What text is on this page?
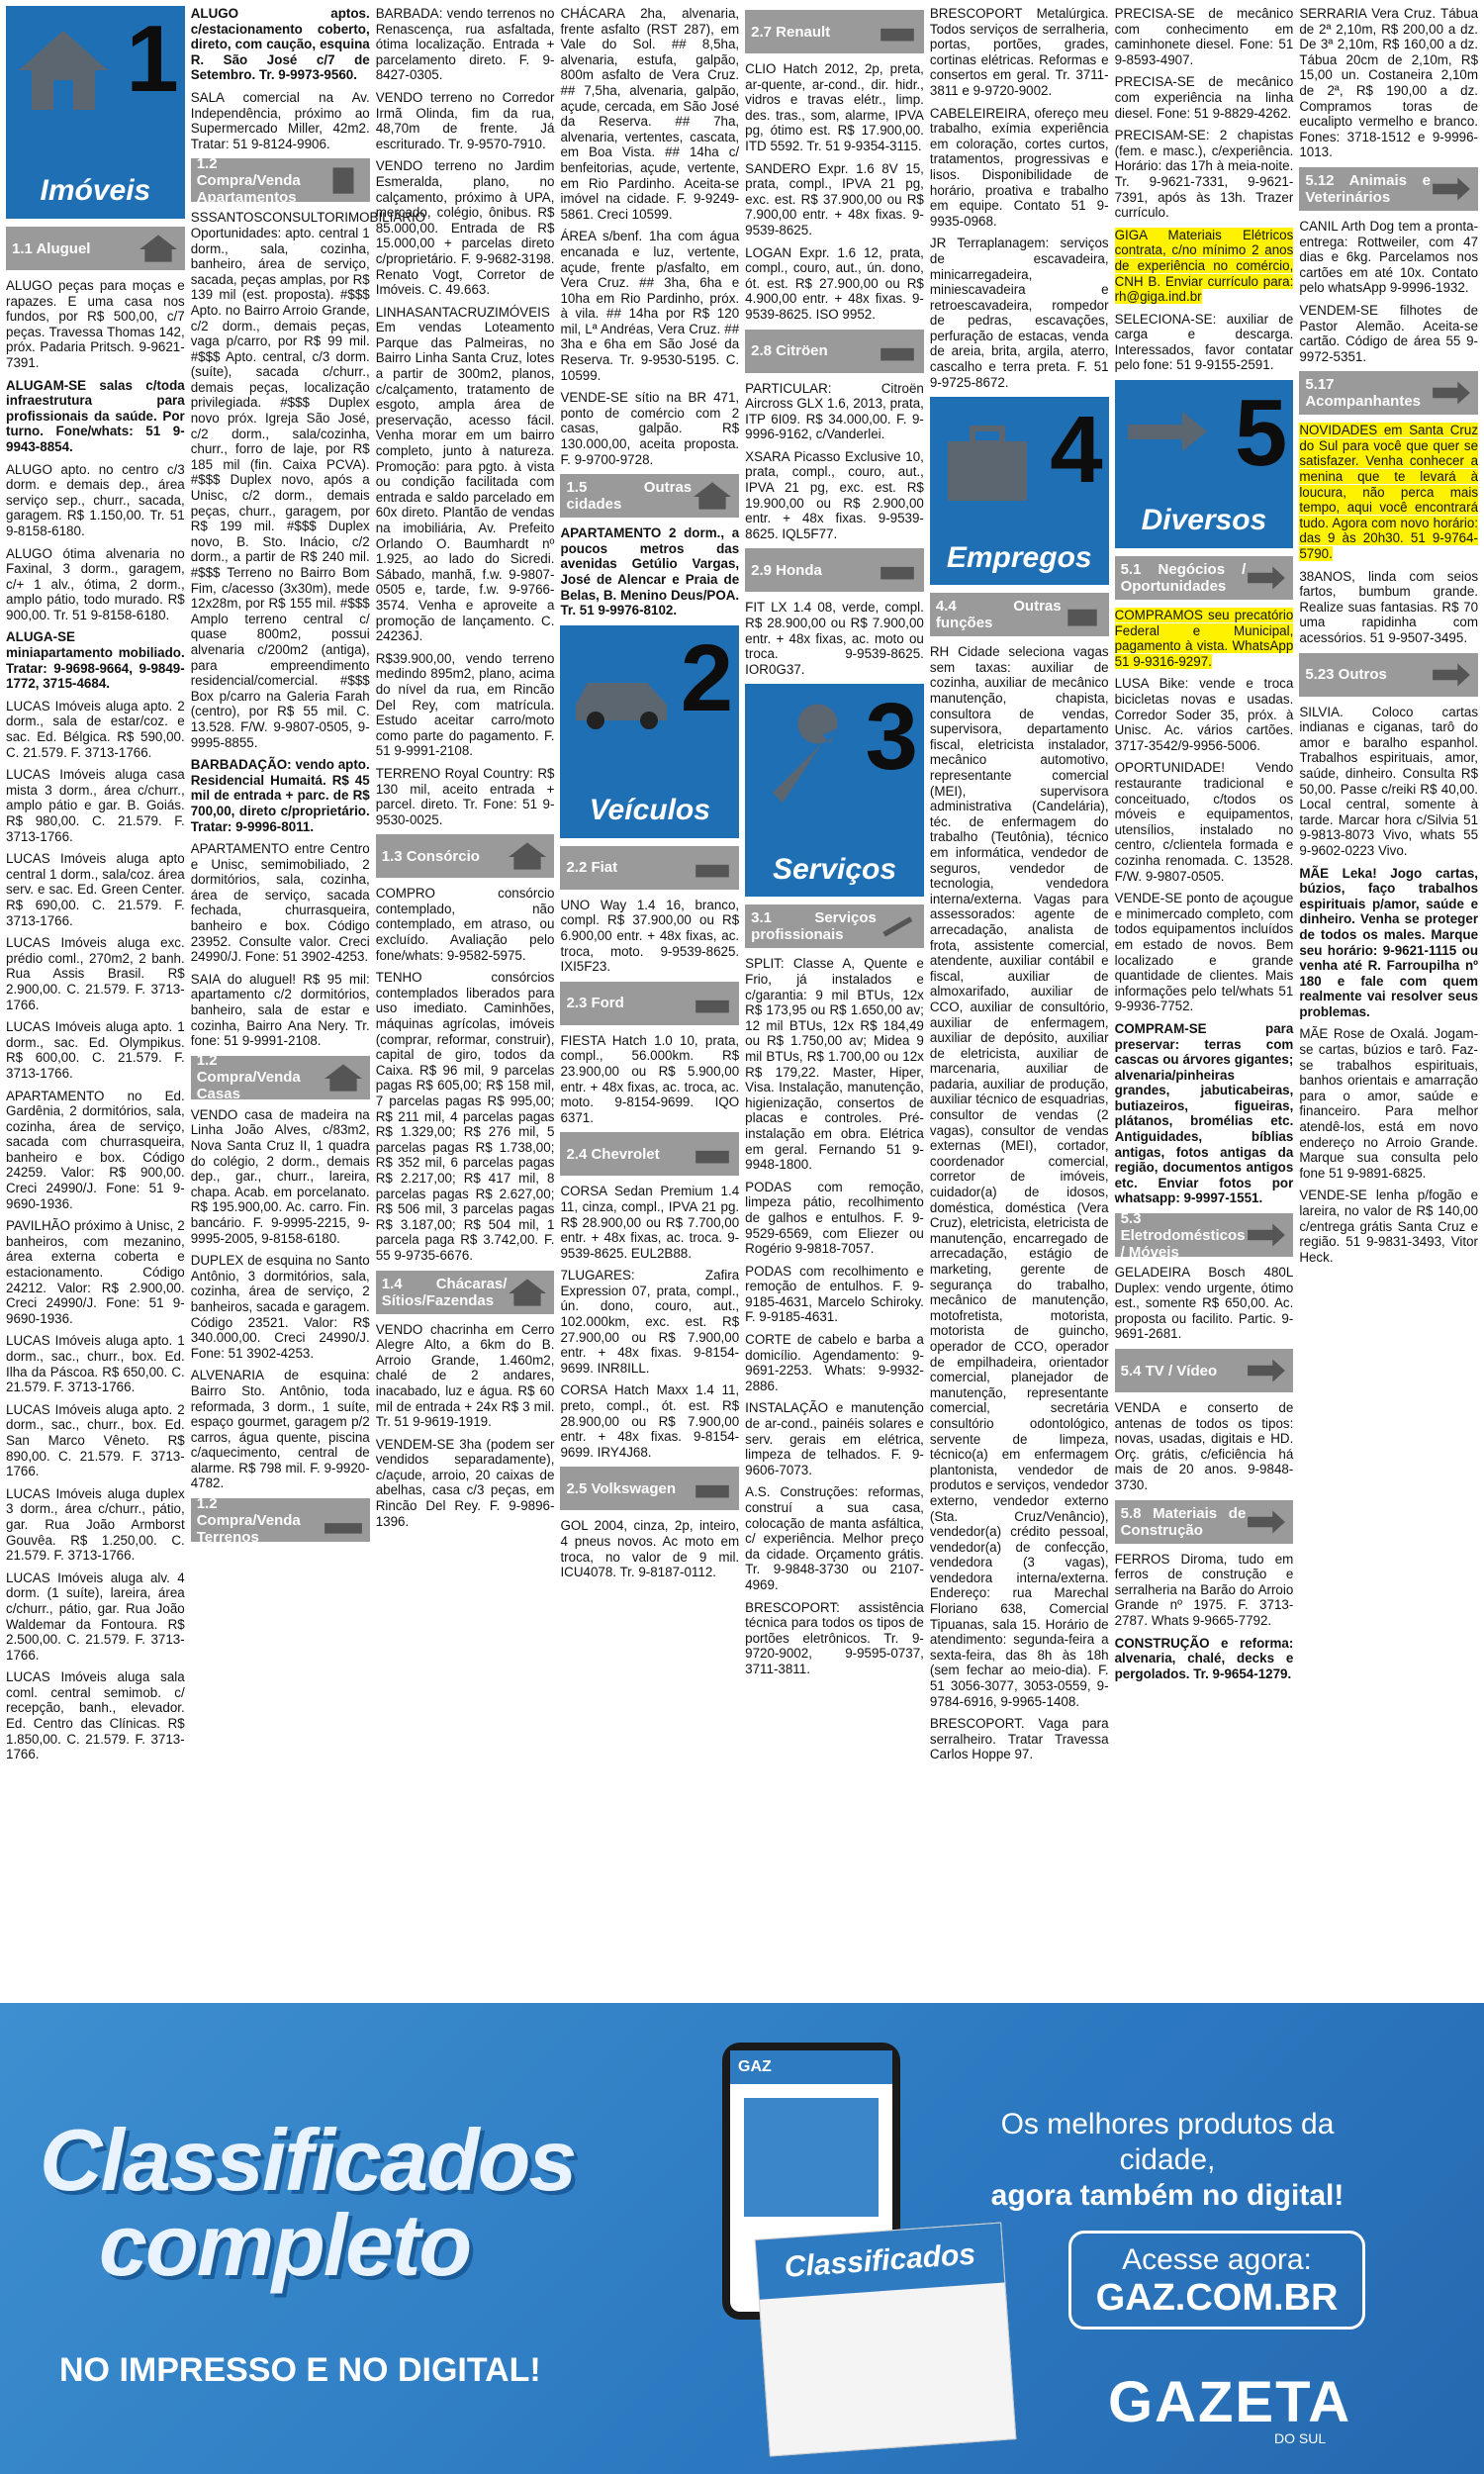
1
Imóveis
1.1 Aluguel

ALUGO peças para moças e rapazes. E uma casa nos fundos, por R$ 500,00, c/7 peças. Travessa Thomas 142, próx. Padaria Pritsch. 9-9621-7391.

ALUGAM-SE salas c/toda infraestrutura para profissionais da saúde. Por turno. Fone/whats: 51 9-9943-8854.

ALUGO apto. no centro c/3 dorm. e demais dep., área serviço sep., churr., sacada, garagem. R$ 1.150,00. Tr. 51 9-8158-6180.

ALUGO ótima alvenaria no Faxinal, 3 dorm., garagem, c/+ 1 alv., ótima, 2 dorm., amplo pátio, todo murado. R$ 900,00. Tr. 51 9-8158-6180.

ALUGA-SE miniapartamento mobiliado. Tratar: 9-9698-9664, 9-9849-1772, 3715-4684.

LUCAS Imóveis aluga apto. 2 dorm., sala de estar/coz. e sac. Ed. Bélgica. R$ 590,00. C. 21.579. F. 3713-1766.

LUCAS Imóveis aluga casa mista 3 dorm., área c/churr., amplo pátio e gar. B. Goiás. R$ 980,00. C. 21.579. F. 3713-1766.

LUCAS Imóveis aluga apto central 1 dorm., sala/coz. área serv. e sac. Ed. Green Center. R$ 690,00. C. 21.579. F. 3713-1766.

LUCAS Imóveis aluga exc. prédio coml., 270m2, 2 banh. Rua Assis Brasil. R$ 2.900,00. C. 21.579. F. 3713-1766.

LUCAS Imóveis aluga apto. 1 dorm., sac. Ed. Olympikus. R$ 600,00. C. 21.579. F. 3713-1766.

APARTAMENTO no Ed. Gardênia, 2 dormitórios, sala, cozinha, área de serviço, sacada com churrasqueira, banheiro e box. Código 24259. Valor: R$ 900,00. Creci 24990/J. Fone: 51 9-9690-1936.

PAVILHÃO próximo à Unisc, 2 banheiros, com mezanino, área externa coberta e estacionamento. Código 24212. Valor: R$ 2.900,00. Creci 24990/J. Fone: 51 9-9690-1936.

LUCAS Imóveis aluga apto. 1 dorm., sac., churr., box. Ed. Ilha da Páscoa. R$ 650,00. C. 21.579. F. 3713-1766.

LUCAS Imóveis aluga apto. 2 dorm., sac., churr., box. Ed. San Marco Vêneto. R$ 890,00. C. 21.579. F. 3713-1766.

LUCAS Imóveis aluga duplex 3 dorm., área c/churr., pátio, gar. Rua João Armborst Gouvêa. R$ 1.250,00. C. 21.579. F. 3713-1766.

LUCAS Imóveis aluga alv. 4 dorm. (1 suíte), lareira, área c/churr., pátio, gar. Rua João Waldemar da Fontoura. R$ 2.500,00. C. 21.579. F. 3713-1766.

LUCAS Imóveis aluga sala coml. central semimob. c/ recepção, banh., elevador. Ed. Centro das Clínicas. R$ 1.850,00. C. 21.579. F. 3713-1766.

ALUGO aptos. c/estacionamento coberto, direto, com caução, esquina R. São José c/7 de Setembro. Tr. 9-9973-9560.

SALA comercial na Av. Independência, próximo ao Supermercado Miller, 42m2. Tratar: 51 9-8124-9906.

1.2 Compra/Venda Apartamentos

SSSANTOSCONSULTORIMOBILIÁRIO Oportunidades: apto. central 1 dorm., sala, cozinha, banheiro, área de serviço, sacada, peças amplas, por R$ 139 mil (est. proposta). #$$$ Apto. no Bairro Arroio Grande, c/2 dorm., demais peças, vaga p/carro, por R$ 99 mil. #$$$ Apto. central, c/3 dorm. (suíte), sacada c/churr., demais peças, localização privilegiada. #$$$ Duplex novo próx. Igreja São José, c/2 dorm., sala/cozinha, churr., forro de laje, por R$ 185 mil (fin. Caixa PCVA). #$$$ Duplex novo, após a Unisc, c/2 dorm., demais peças, churr., garagem, por R$ 199 mil. #$$$ Duplex novo, B. Sto. Inácio, c/2 dorm., a partir de R$ 240 mil. #$$$ Terreno no Bairro Bom Fim, c/acesso (3x30m), mede 12x28m, por R$ 155 mil. #$$$ Amplo terreno central c/ quase 800m2, possui alvenaria c/200m2 (antiga), para empreendimento residencial/comercial. #$$$ Box p/carro na Galeria Farah (centro), por R$ 55 mil. C. 13.528. F/W. 9-9807-0505, 9-9995-8855.

BARBADAÇÃO: vendo apto. Residencial Humaitá. R$ 45 mil de entrada + parc. de R$ 700,00, direto c/proprietário. Tratar: 9-9996-8011.

APARTAMENTO entre Centro e Unisc, semimobiliado, 2 dormitórios, sala, cozinha, área de serviço, sacada fechada, churrasqueira, banheiro e box. Código 23952. Consulte valor. Creci 24990/J. Fone: 51 3902-4253.

SAIA do aluguel! R$ 95 mil: apartamento c/2 dormitórios, banheiro, sala de estar e cozinha, Bairro Ana Nery. Tr. fone: 51 9-9991-2108.

1.2 Compra/Venda Casas

VENDO casa de madeira na Linha João Alves, c/83m2, Nova Santa Cruz II, 1 quadra do colégio, 2 dorm., demais dep., gar., churr., lareira, chapa. Acab. em porcelanato. R$ 195.900,00. Ac. carro. Fin. bancário. F. 9-9995-2215, 9-9995-2005, 9-8158-6180.

DUPLEX de esquina no Santo Antônio, 3 dormitórios, sala, cozinha, área de serviço, 2 banheiros, sacada e garagem. Código 23521. Valor: R$ 340.000,00. Creci 24990/J. Fone: 51 3902-4253.

ALVENARIA de esquina: Bairro Sto. Antônio, toda reformada, 3 dorm., 1 suíte, espaço gourmet, garagem p/2 carros, água quente, piscina c/aquecimento, central de alarme. R$ 798 mil. F. 9-9920-4782.

1.2 Compra/Venda Terrenos

BARBADA: vendo terrenos no Renascença, rua asfaltada, ótima localização. Entrada + parcelamento direto. F. 9-8427-0305.

VENDO terreno no Corredor Irmã Olinda, fim da rua, 48,70m de frente. Já escriturado. Tr. 9-9570-7910.

VENDO terreno no Jardim Esmeralda, plano, no calçamento, próximo à UPA, mercado, colégio, ônibus. R$ 85.000,00. Entrada de R$ 15.000,00 + parcelas direto c/proprietário. F. 9-9682-3198. Renato Vogt, Corretor de Imóveis. C. 49.663.

LINHASANTACRUZIMÓVEIS Em vendas Loteamento Parque das Palmeiras, no Bairro Linha Santa Cruz, lotes a partir de 300m2, planos, c/calçamento, tratamento de esgoto, ampla área de preservação, acesso fácil. Venha morar em um bairro completo, junto à natureza. Promoção: para pgto. à vista ou condição facilitada com entrada e saldo parcelado em 60x direto. Plantão de vendas na imobiliária, Av. Prefeito Orlando O. Baumhardt nº 1.925, ao lado do Sicredi. Sábado, manhã, f.w. 9-9807-0505 e, tarde, f.w. 9-9766-3574. Venha e aproveite a promoção de lançamento. C. 24236J.

R$39.900,00, vendo terreno medindo 895m2, plano, acima do nível da rua, em Rincão Del Rey, com matrícula. Estudo aceitar carro/moto como parte do pagamento. F. 51 9-9991-2108.

TERRENO Royal Country: R$ 130 mil, aceito entrada + parcel. direto. Tr. Fone: 51 9-9530-0025.

1.3 Consórcio

COMPRO consórcio contemplado, não contemplado, em atraso, ou excluído. Avaliação pelo fone/whats: 9-9582-5975.

TENHO consórcios contemplados liberados para uso imediato. Caminhões, máquinas agrícolas, imóveis (comprar, reformar, construir), capital de giro, todos da Caixa. R$ 96 mil, 9 parcelas pagas R$ 605,00; R$ 158 mil, 7 parcelas pagas R$ 995,00; R$ 211 mil, 4 parcelas pagas R$ 1.329,00; R$ 276 mil, 5 parcelas pagas R$ 1.738,00; R$ 352 mil, 6 parcelas pagas R$ 2.217,00; R$ 417 mil, 8 parcelas pagas R$ 2.627,00; R$ 506 mil, 3 parcelas pagas R$ 3.187,00; R$ 504 mil, 1 parcela paga R$ 3.742,00. F. 55 9-9735-6676.

1.4 Chácaras/ Sítios/Fazendas

VENDO chacrinha em Cerro Alegre Alto, a 6km do B. Arroio Grande, 1.460m2, chalé de 2 andares, inacabado, luz e água. R$ 60 mil de entrada + 24x R$ 3 mil. Tr. 51 9-9619-1919.

VENDEM-SE 3ha (podem ser vendidos separadamente), c/açude, arroio, 20 caixas de abelhas, casa c/3 peças, em Rincão Del Rey. F. 9-9896-1396.

CHÁCARA 2ha, alvenaria, frente asfalto (RST 287), em Vale do Sol. ## 8,5ha, alvenaria, estufa, galpão, 800m asfalto de Vera Cruz. ## 7,5ha, alvenaria, galpão, açude, cercada, em São José da Reserva. ## 7ha, alvenaria, vertentes, cascata, em Boa Vista. ## 14ha c/ benfeitorias, açude, vertente, em Rio Pardinho. Aceita-se imóvel na cidade. F. 9-9249-5861. Creci 10599.

ÁREA s/benf. 1ha com água encanada e luz, vertente, açude, frente p/asfalto, em Vera Cruz. ## 3ha, 6ha e 10ha em Rio Pardinho, próx. à vila. ## 14ha por R$ 120 mil, Lª Andréas, Vera Cruz. ## 3ha e 6ha em São José da Reserva. Tr. 9-9530-5195. C. 10599.

VENDE-SE sítio na BR 471, ponto de comércio com 2 casas, galpão. R$ 130.000,00, aceita proposta. F. 9-9700-9728.

1.5 Outras cidades

APARTAMENTO 2 dorm., a poucos metros das avenidas Getúlio Vargas, José de Alencar e Praia de Belas, B. Menino Deus/POA. Tr. 51 9-9976-8102.

2
Veículos
2.2 Fiat

UNO Way 1.4 16, branco, compl. R$ 37.900,00 ou R$ 6.900,00 entr. + 48x fixas, ac. troca, moto. 9-9539-8625. IXI5F23.

2.3 Ford

FIESTA Hatch 1.0 10, prata, compl., 56.000km. R$ 23.900,00 ou R$ 5.900,00 entr. + 48x fixas, ac. troca, ac. moto. 9-8154-9699. IQO 6371.

2.4 Chevrolet

CORSA Sedan Premium 1.4 11, cinza, compl., IPVA 21 pg. R$ 28.900,00 ou R$ 7.700,00 entr. + 48x fixas, ac. troca. 9-9539-8625. EUL2B88.

7LUGARES: Zafira Expression 07, prata, compl., ún. dono, couro, aut., 102.000km, exc. est. R$ 27.900,00 ou R$ 7.900,00 entr. + 48x fixas. 9-8154-9699. INR8ILL.

CORSA Hatch Maxx 1.4 11, preto, compl., ót. est. R$ 28.900,00 ou R$ 7.900,00 entr. + 48x fixas. 9-8154-9699. IRY4J68.

2.5 Volkswagen

GOL 2004, cinza, 2p, inteiro, 4 pneus novos. Ac moto em troca, no valor de 9 mil. ICU4078. Tr. 9-8187-0112.

2.7 Renault

CLIO Hatch 2012, 2p, preta, ar-quente, ar-cond., dir. hidr., vidros e travas elétr., limp. des. tras., som, alarme, IPVA pg, ótimo est. R$ 17.900,00. ITD 5592. Tr. 51 9-9354-3115.

SANDERO Expr. 1.6 8V 15, prata, compl., IPVA 21 pg, exc. est. R$ 37.900,00 ou R$ 7.900,00 entr. + 48x fixas. 9-9539-8625.

LOGAN Expr. 1.6 12, prata, compl., couro, aut., ún. dono, ót. est. R$ 27.900,00 ou R$ 4.900,00 entr. + 48x fixas. 9-9539-8625. ISO 9952.

2.8 Citröen

PARTICULAR: Citroën Aircross GLX 1.6, 2013, prata, ITP 6I09. R$ 34.000,00. F. 9-9996-9162, c/Vanderlei.

XSARA Picasso Exclusive 10, prata, compl., couro, aut., IPVA 21 pg, exc. est. R$ 19.900,00 ou R$ 2.900,00 entr. + 48x fixas. 9-9539-8625. IQL5F77.

2.9 Honda

FIT LX 1.4 08, verde, compl. R$ 28.900,00 ou R$ 7.900,00 entr. + 48x fixas, ac. moto ou troca. 9-9539-8625. IOR0G37.

3
Serviços
3.1 Serviços profissionais

SPLIT: Classe A, Quente e Frio, já instalados e c/garantia: 9 mil BTUs, 12x R$ 173,95 ou R$ 1.650,00 av; 12 mil BTUs, 12x R$ 184,49 ou R$ 1.750,00 av; Midea 9 mil BTUs, R$ 1.700,00 ou 12x R$ 179,22. Master, Hiper, Visa. Instalação, manutenção, higienização, consertos de placas e controles. Pré-instalação em obra. Elétrica em geral. Fernando 51 9-9948-1800.

PODAS com remoção, limpeza pátio, recolhimento de galhos e entulhos. F. 9-9529-6569, com Eliezer ou Rogério 9-9818-7057.

PODAS com recolhimento e remoção de entulhos. F. 9-9185-4631, Marcelo Schiroky. F. 9-9185-4631.

CORTE de cabelo e barba a domicílio. Agendamento: 9-9691-2253. Whats: 9-9932-2886.

INSTALAÇÃO e manutenção de ar-cond., painéis solares e serv. gerais em elétrica, limpeza de telhados. F. 9-9606-7073.

A.S. Construções: reformas, construí a sua casa, colocação de manta asfáltica, c/ experiência. Melhor preço da cidade. Orçamento grátis. Tr. 9-9848-3730 ou 2107-4969.

BRESCOPORT: assistência técnica para todos os tipos de portões eletrônicos. Tr. 9-9720-9002, 9-9595-0737, 3711-3811.

BRESCOPORT Metalúrgica. Todos serviços de serralheria, portas, portões, grades, cortinas elétricas. Reformas e consertos em geral. Tr. 3711-3811 e 9-9720-9002.

CABELEIREIRA, ofereço meu trabalho, exímia experiência em coloração, cortes curtos, tratamentos, progressivas e lisos. Disponibilidade de horário, proativa e trabalho em equipe. Contato 51 9-9935-0968.

JR Terraplanagem: serviços de escavadeira, minicarregadeira, miniescavadeira e retroescavadeira, rompedor de pedras, escavações, perfuração de estacas, venda de areia, brita, argila, aterro, cascalho e terra preta. F. 51 9-9725-8672.

4
Empregos
4.4 Outras funções

RH Cidade seleciona vagas sem taxas: auxiliar de cozinha, auxiliar de mecânico manutenção, chapista, consultora de vendas, supervisora, departamento fiscal, eletricista instalador, mecânico automotivo, representante comercial (MEI), supervisora administrativa (Candelária), téc. de enfermagem do trabalho (Teutônia), técnico em informática, vendedor de seguros, vendedor de tecnologia, vendedora interna/externa. Vagas para assessorados: agente de arrecadação, analista de frota, assistente comercial, atendente, auxiliar contábil e fiscal, auxiliar de almoxarifado, auxiliar de CCO, auxiliar de consultório, auxiliar de enfermagem, auxiliar de depósito, auxiliar de eletricista, auxiliar de marcenaria, auxiliar de padaria, auxiliar de produção, auxiliar técnico de esquadrias, consultor de vendas (2 vagas), consultor de vendas externas (MEI), cortador, coordenador comercial, corretor de imóveis, cuidador(a) de idosos, doméstica, doméstica (Vera Cruz), eletricista, eletricista de manutenção, encarregado de arrecadação, estágio de marketing, gerente de segurança do trabalho, mecânico de manutenção, motofretista, motorista, motorista de guincho, operador de CCO, operador de empilhadeira, orientador comercial, planejador de manutenção, representante comercial, secretária consultório odontológico, servente de limpeza, técnico(a) em enfermagem plantonista, vendedor de produtos e serviços, vendedor externo, vendedor externo (Sta. Cruz/Venâncio), vendedor(a) crédito pessoal, vendedor(a) de confecção, vendedora (3 vagas), vendedora interna/externa. Endereço: rua Marechal Floriano 638, Comercial Tipuanas, sala 15. Horário de atendimento: segunda-feira a sexta-feira, das 8h às 18h (sem fechar ao meio-dia). F. 51 3056-3077, 3053-0559, 9-9784-6916, 9-9965-1408.

BRESCOPORT. Vaga para serralheiro. Tratar Travessa Carlos Hoppe 97.

PRECISA-SE de mecânico com conhecimento em caminhonete diesel. Fone: 51 9-8593-4907.

PRECISA-SE de mecânico com experiência na linha diesel. Fone: 51 9-8829-4262.

PRECISAM-SE: 2 chapistas (fem. e masc.), c/experiência. Horário: das 17h à meia-noite. Tr. 9-9621-7331, 9-9621-7391, após às 13h. Trazer currículo.

GIGA Materiais Elétricos contrata, c/no mínimo 2 anos de experiência no comércio, CNH B. Enviar currículo para: rh@giga.ind.br

SELECIONA-SE: auxiliar de carga e descarga. Interessados, favor contatar pelo fone: 51 9-9155-2591.

5
Diversos
5.1 Negócios / Oportunidades

COMPRAMOS seu precatório Federal e Municipal, pagamento à vista. WhatsApp 51 9-9316-9297.

LUSA Bike: vende e troca bicicletas novas e usadas. Corredor Soder 35, próx. à Unisc. Ac. vários cartões. 3717-3542/9-9956-5006.

OPORTUNIDADE! Vendo restaurante tradicional e conceituado, c/todos os móveis e equipamentos, utensílios, instalado no centro, c/clientela formada e cozinha renomada. C. 13528. F/W. 9-9807-0505.

VENDE-SE ponto de açougue e minimercado completo, com todos equipamentos incluídos em estado de novos. Bem localizado e grande quantidade de clientes. Mais informações pelo tel/whats 51 9-9936-7752.

COMPRAM-SE para preservar: terras com cascas ou árvores gigantes; alvenaria/pinheiras grandes, jabuticabeiras, butiazeiros, figueiras, plátanos, bromélias etc. Antiguidades, bíblias antigas, fotos antigas da região, documentos antigos etc. Enviar fotos por whatsapp: 9-9997-1551.

5.3 Eletrodomésticos / Móveis

GELADEIRA Bosch 480L Duplex: vendo urgente, ótimo est., somente R$ 650,00. Ac. proposta ou facilito. Partic. 9-9691-2681.

5.4 TV / Vídeo

VENDA e conserto de antenas de todos os tipos: novas, usadas, digitais e HD. Orç. grátis, c/eficiência há mais de 20 anos. 9-9848-3730.

5.8 Materiais de Construção

FERROS Diroma, tudo em ferros de construção e serralheria na Barão do Arroio Grande nº 1975. F. 3713-2787. Whats 9-9665-7792.

CONSTRUÇÃO e reforma: alvenaria, chalé, decks e pergolados. Tr. 9-9654-1279.

SERRARIA Vera Cruz. Tábua de 2ª 2,10m, R$ 200,00 a dz. De 3ª 2,10m, R$ 160,00 a dz. Tábua 20cm de 2,10m, R$ 15,00 un. Costaneira 2,10m de 2ª, R$ 190,00 a dz. Compramos toras de eucalipto vermelho e branco. Fones: 3718-1512 e 9-9996-1013.

5.12 Animais e Veterinários

CANIL Arth Dog tem a pronta-entrega: Rottweiler, com 47 dias e 6kg. Parcelamos nos cartões em até 10x. Contato pelo whatsApp 9-9996-1932.

VENDEM-SE filhotes de Pastor Alemão. Aceita-se cartão. Código de área 55 9-9972-5351.

5.17 Acompanhantes

NOVIDADES em Santa Cruz do Sul para você que quer se satisfazer. Venha conhecer a menina que te levará à loucura, não perca mais tempo, aqui você encontrará tudo. Agora com novo horário: das 9 às 20h30. 51 9-9764-5790.

38ANOS, linda com seios fartos, bumbum grande. Realize suas fantasias. R$ 70 uma rapidinha com acessórios. 51 9-9507-3495.

5.23 Outros

SILVIA. Coloco cartas indianas e ciganas, tarô do amor e baralho espanhol. Trabalhos espirituais, amor, saúde, dinheiro. Consulta R$ 50,00. Passe c/reiki R$ 40,00. Local central, somente à tarde. Marcar hora c/Silvia 51 9-9813-8073 Vivo, whats 55 9-9602-0223 Vivo.

MÃE Leka! Jogo cartas, búzios, faço trabalhos espirituais p/amor, saúde e dinheiro. Venha se proteger de todos os males. Marque seu horário: 9-9621-1115 ou venha até R. Farroupilha nº 180 e fale com quem realmente vai resolver seus problemas.

MÃE Rose de Oxalá. Jogam-se cartas, búzios e tarô. Faz-se trabalhos espirituais, banhos orientais e amarração para o amor, saúde e financeiro. Para melhor atendê-los, está em novo endereço no Arroio Grande. Marque sua consulta pelo fone 51 9-9891-6825.

VENDE-SE lenha p/fogão e lareira, no valor de R$ 140,00 c/entrega grátis Santa Cruz e região. 51 9-9831-3493, Vitor Heck.

Classificados
completo
NO IMPRESSO E NO DIGITAL!
GAZ
Classificados
Os melhores produtos da cidade,
agora também no digital!
Acesse agora:
GAZ.COM.BR
GAZETA
DO SUL
